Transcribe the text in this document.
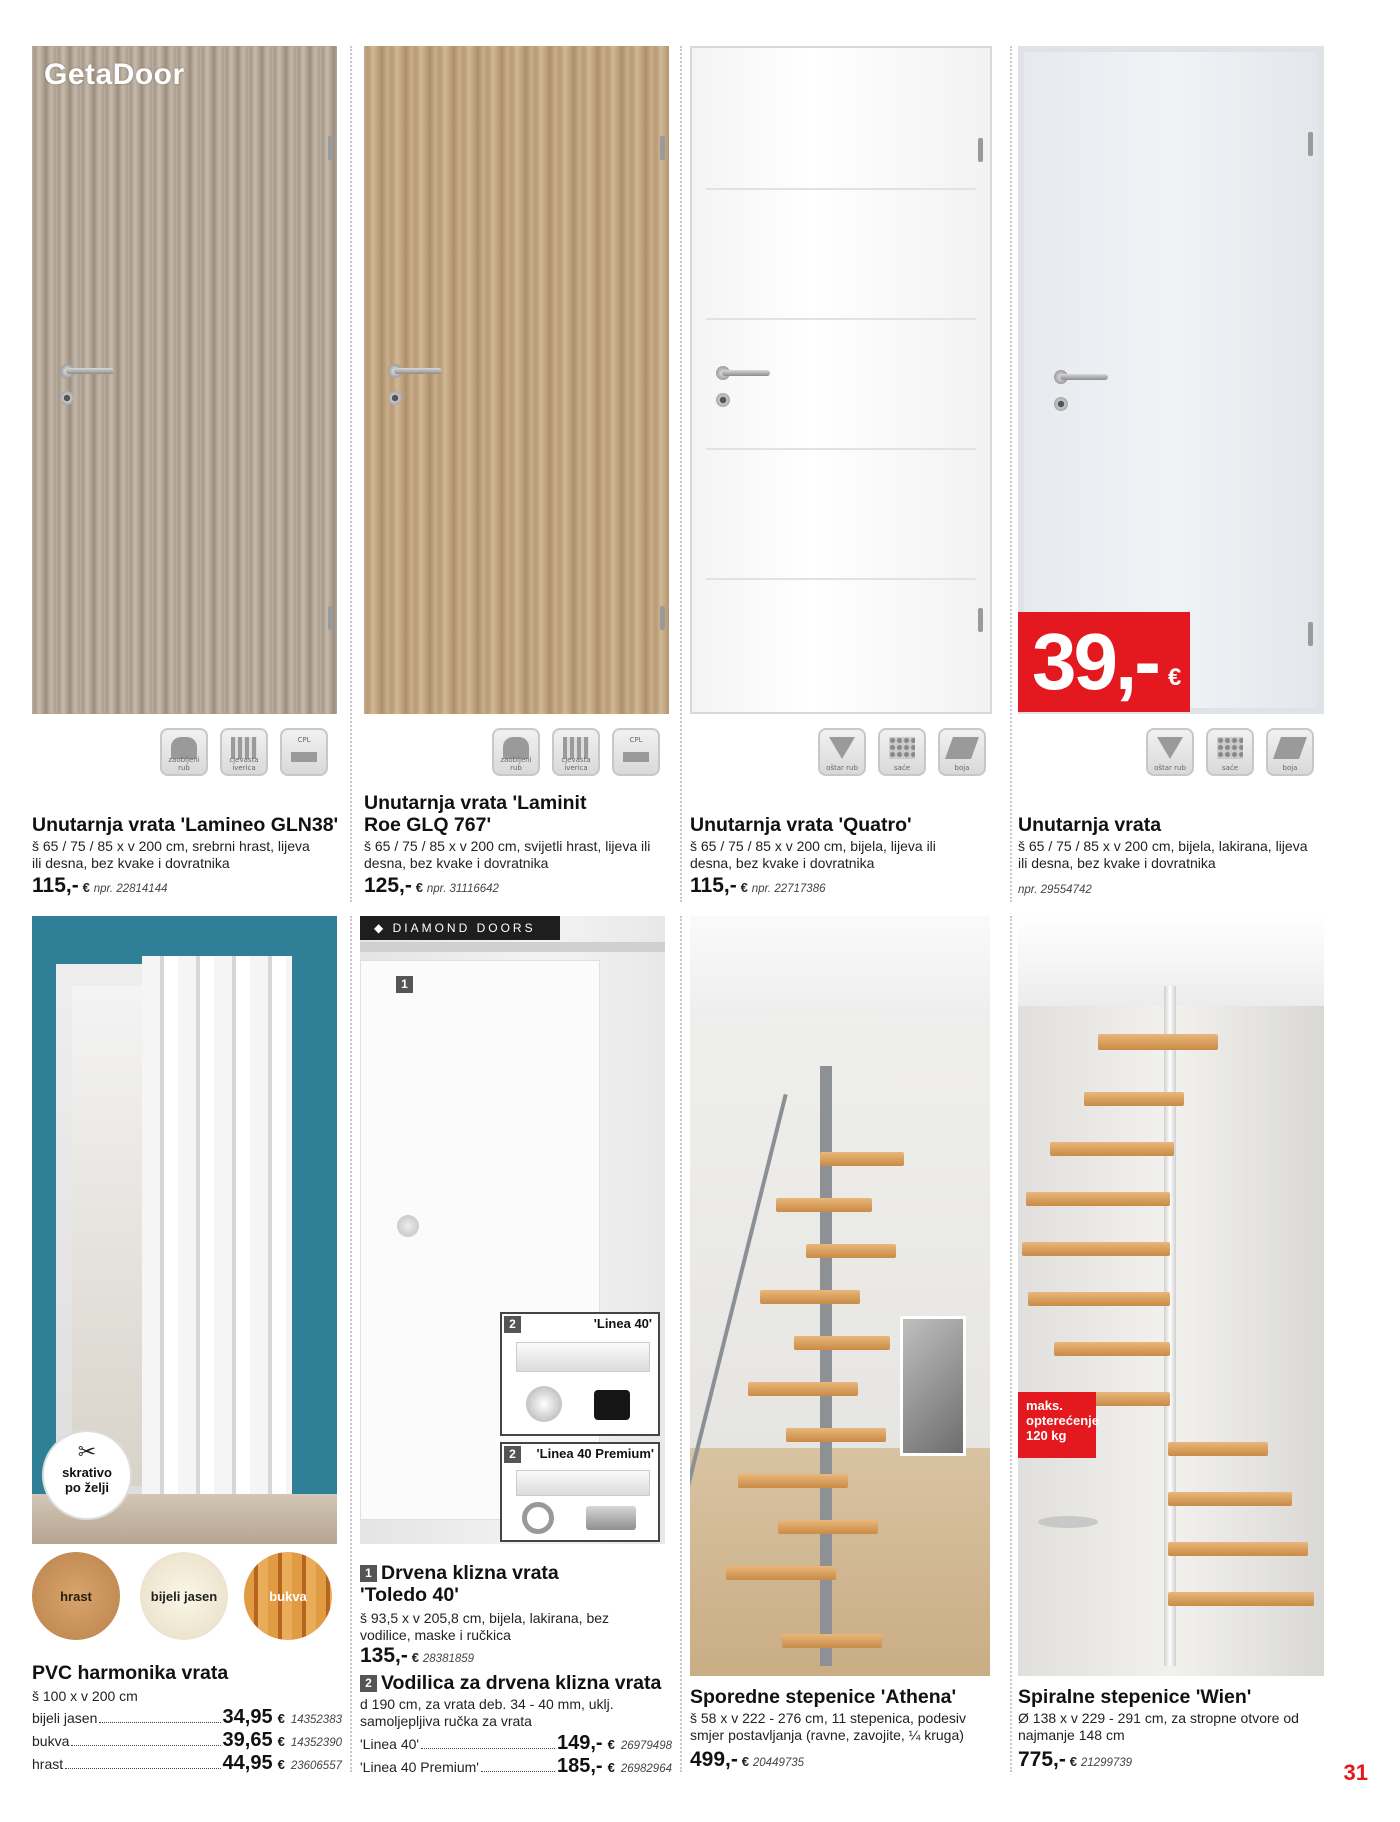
GetaDoor
zaobljeni rub
cjevasta iverica
CPL
Unutarnja vrata 'Lamineo GLN38'
š 65 / 75 / 85 x v 200 cm, srebrni hrast, lijeva ili desna, bez kvake i dovratnika
115,- € npr. 22814144
zaobljeni rub
cjevasta iverica
CPL
Unutarnja vrata 'Laminit Roe GLQ 767'
š 65 / 75 / 85 x v 200 cm, svijetli hrast, lijeva ili desna, bez kvake i dovratnika
125,- € npr. 31116642
oštar rub	saće	boja
Unutarnja vrata 'Quatro'
š 65 / 75 / 85 x v 200 cm, bijela, lijeva ili desna, bez kvake i dovratnika
115,- € npr. 22717386
39,- €
oštar rub	saće	boja
Unutarnja vrata
š 65 / 75 / 85 x v 200 cm, bijela, lakirana, lijeva ili desna, bez kvake i dovratnika
npr. 29554742
✂
skrativo po želji
hrast	bijeli jasen	bukva
PVC harmonika vrata
š 100 x v 200 cm
bijeli jasen	34,95 € 14352383
bukva	39,65 € 14352390
hrast	44,95 € 23606557
◆ DIAMOND DOORS
1
2	'Linea 40'
2	'Linea 40 Premium'
1 Drvena klizna vrata 'Toledo 40'
š 93,5 x v 205,8 cm, bijela, lakirana, bez vodilice, maske i ručkica
135,- € 28381859
2 Vodilica za drvena klizna vrata
d 190 cm, za vrata deb. 34 - 40 mm, uklj. samoljepljiva ručka za vrata
'Linea 40'	149,- € 26979498
'Linea 40 Premium'	185,- € 26982964
Sporedne stepenice 'Athena'
š 58 x v 222 - 276 cm, 11 stepenica, podesiv smjer postavljanja (ravne, zavojite, ¼ kruga)
499,- € 20449735
maks. opterećenje 120 kg
Spiralne stepenice 'Wien'
Ø 138 x v 229 - 291 cm, za stropne otvore od najmanje 148 cm
775,- € 21299739	31
